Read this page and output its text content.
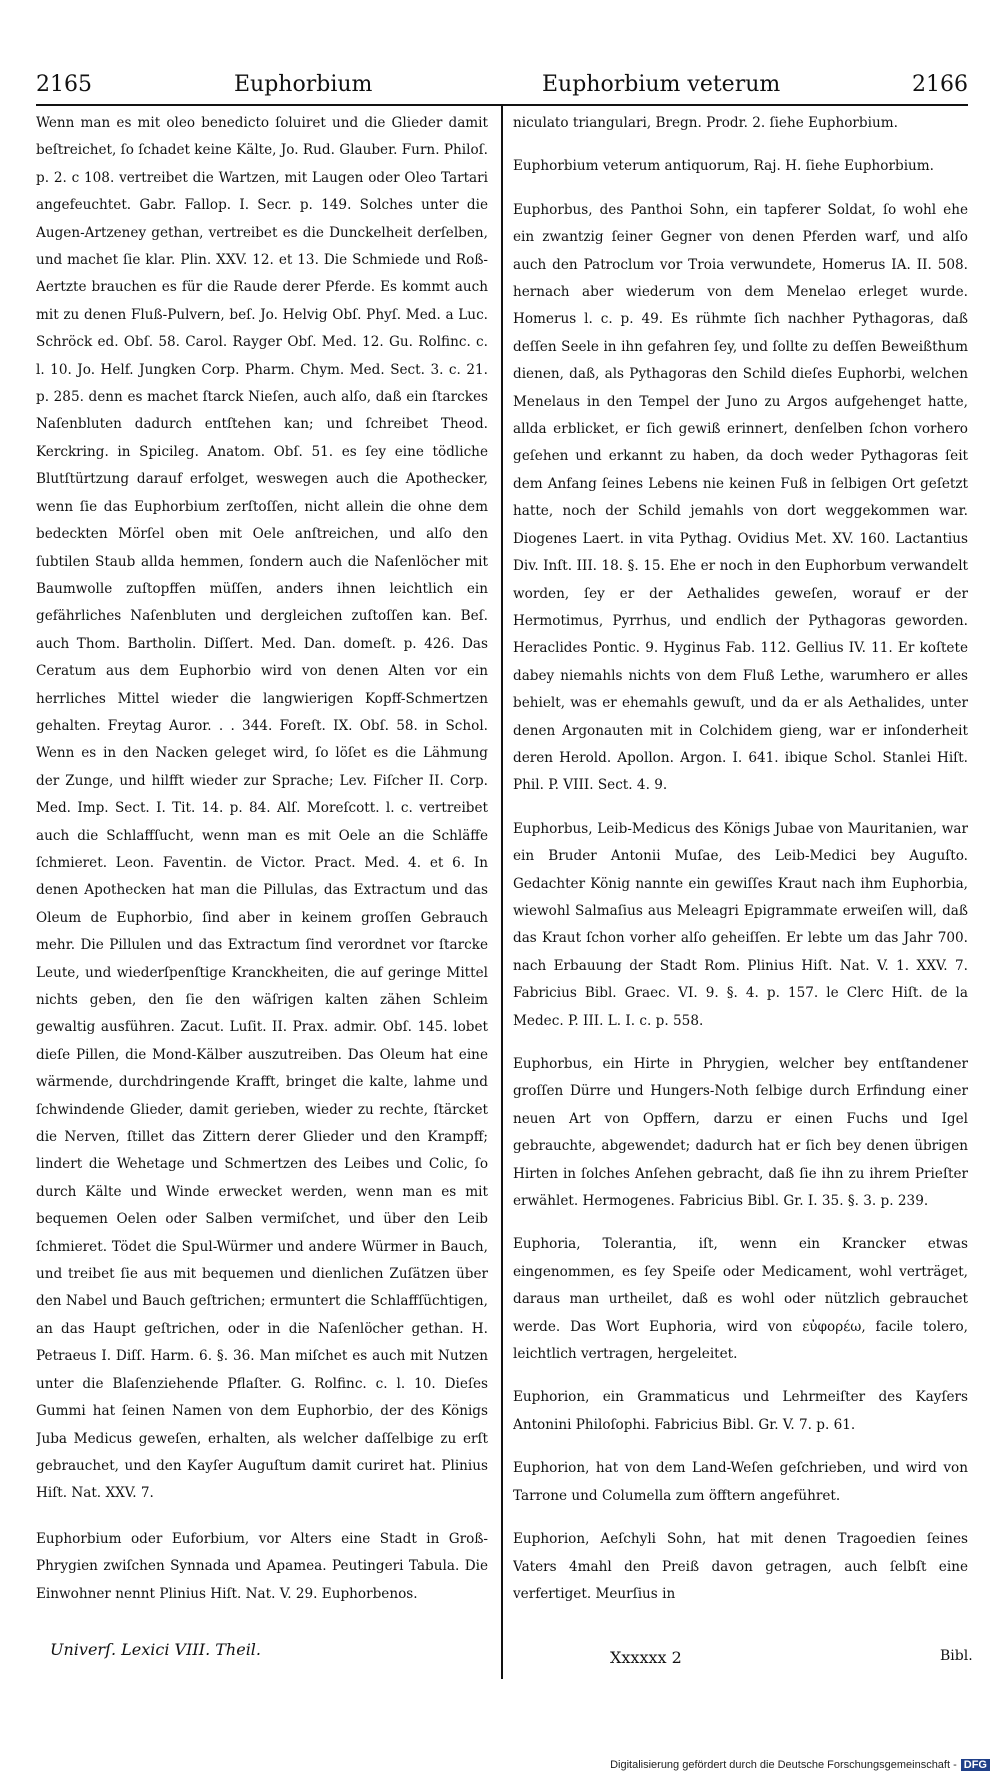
2165	Euphorbium	Euphorbium veterum	2166

Wenn man es mit oleo benedicto ſoluiret und die Glieder damit beſtreichet, ſo ſchadet keine Kälte, Jo. Rud. Glauber. Furn. Philoſ. p. 2. c 108. vertreibet die Wartzen, mit Laugen oder Oleo Tartari angefeuchtet. Gabr. Fallop. I. Secr. p. 149. Solches unter die Augen-Artzeney gethan, vertreibet es die Dunckelheit derſelben, und machet ſie klar. Plin. XXV. 12. et 13. Die Schmiede und Roß-Aertzte brauchen es für die Raude derer Pferde. Es kommt auch mit zu denen Fluß-Pulvern, beſ. Jo. Helvig Obſ. Phyſ. Med. a Luc. Schröck ed. Obſ. 58. Carol. Rayger Obſ. Med. 12. Gu. Rolfinc. c. l. 10. Jo. Helf. Jungken Corp. Pharm. Chym. Med. Sect. 3. c. 21. p. 285. denn es machet ſtarck Nieſen, auch alſo, daß ein ſtarckes Naſenbluten dadurch entſtehen kan; und ſchreibet Theod. Kerckring. in Spicileg. Anatom. Obſ. 51. es ſey eine tödliche Blutſtürtzung darauf erfolget, weswegen auch die Apothecker, wenn ſie das Euphorbium zerſtoſſen, nicht allein die ohne dem bedeckten Mörſel oben mit Oele anſtreichen, und alſo den ſubtilen Staub allda hemmen, ſondern auch die Naſenlöcher mit Baumwolle zuſtopffen müſſen, anders ihnen leichtlich ein gefährliches Naſenbluten und dergleichen zuſtoſſen kan. Beſ. auch Thom. Bartholin. Diſſert. Med. Dan. domeſt. p. 426. Das Ceratum aus dem Euphorbio wird von denen Alten vor ein herrliches Mittel wieder die langwierigen Kopff-Schmertzen gehalten. Freytag Auror. . . 344. Foreſt. IX. Obſ. 58. in Schol. Wenn es in den Nacken geleget wird, ſo löſet es die Lähmung der Zunge, und hilfft wieder zur Sprache; Lev. Fiſcher II. Corp. Med. Imp. Sect. I. Tit. 14. p. 84. Alſ. Moreſcott. l. c. vertreibet auch die Schlaffſucht, wenn man es mit Oele an die Schläffe ſchmieret. Leon. Faventin. de Victor. Pract. Med. 4. et 6. In denen Apothecken hat man die Pillulas, das Extractum und das Oleum de Euphorbio, ſind aber in keinem groſſen Gebrauch mehr. Die Pillulen und das Extractum ſind verordnet vor ſtarcke Leute, und wiederſpenſtige Kranckheiten, die auf geringe Mittel nichts geben, den ſie den wäſrigen kalten zähen Schleim gewaltig ausführen. Zacut. Luſit. II. Prax. admir. Obſ. 145. lobet dieſe Pillen, die Mond-Kälber auszutreiben. Das Oleum hat eine wärmende, durchdringende Krafft, bringet die kalte, lahme und ſchwindende Glieder, damit gerieben, wieder zu rechte, ſtärcket die Nerven, ſtillet das Zittern derer Glieder und den Krampff; lindert die Wehetage und Schmertzen des Leibes und Colic, ſo durch Kälte und Winde erwecket werden, wenn man es mit bequemen Oelen oder Salben vermiſchet, und über den Leib ſchmieret. Tödet die Spul-Würmer und andere Würmer in Bauch, und treibet ſie aus mit bequemen und dienlichen Zuſätzen über den Nabel und Bauch geſtrichen; ermuntert die Schlaffſüchtigen, an das Haupt geſtrichen, oder in die Naſenlöcher gethan. H. Petraeus I. Diſſ. Harm. 6. §. 36. Man miſchet es auch mit Nutzen unter die Blaſenziehende Pflaſter. G. Rolfinc. c. l. 10. Dieſes Gummi hat ſeinen Namen von dem Euphorbio, der des Königs Juba Medicus geweſen, erhalten, als welcher daſſelbige zu erſt gebrauchet, und den Kayſer Auguſtum damit curiret hat. Plinius Hiſt. Nat. XXV. 7.

Euphorbium oder Euforbium, vor Alters eine Stadt in Groß-Phrygien zwiſchen Synnada und Apamea. Peutingeri Tabula. Die Einwohner nennt Plinius Hiſt. Nat. V. 29. Euphorbenos.

niculato triangulari, Bregn. Prodr. 2. ſiehe Euphorbium.

Euphorbium veterum antiquorum, Raj. H. ſiehe Euphorbium.

Euphorbus, des Panthoi Sohn, ein tapferer Soldat, ſo wohl ehe ein zwantzig ſeiner Gegner von denen Pferden warf, und alſo auch den Patroclum vor Troia verwundete, Homerus IA. II. 508. hernach aber wiederum von dem Menelao erleget wurde. Homerus l. c. p. 49. Es rühmte ſich nachher Pythagoras, daß deſſen Seele in ihn gefahren ſey, und ſollte zu deſſen Beweißthum dienen, daß, als Pythagoras den Schild dieſes Euphorbi, welchen Menelaus in den Tempel der Juno zu Argos aufgehenget hatte, allda erblicket, er ſich gewiß erinnert, denſelben ſchon vorhero geſehen und erkannt zu haben, da doch weder Pythagoras ſeit dem Anfang ſeines Lebens nie keinen Fuß in ſelbigen Ort geſetzt hatte, noch der Schild jemahls von dort weggekommen war. Diogenes Laert. in vita Pythag. Ovidius Met. XV. 160. Lactantius Div. Inſt. III. 18. §. 15. Ehe er noch in den Euphorbum verwandelt worden, ſey er der Aethalides geweſen, worauf er der Hermotimus, Pyrrhus, und endlich der Pythagoras geworden. Heraclides Pontic. 9. Hyginus Fab. 112. Gellius IV. 11. Er koſtete dabey niemahls nichts von dem Fluß Lethe, warumhero er alles behielt, was er ehemahls gewuſt, und da er als Aethalides, unter denen Argonauten mit in Colchidem gieng, war er inſonderheit deren Herold. Apollon. Argon. I. 641. ibique Schol. Stanlei Hiſt. Phil. P. VIII. Sect. 4. 9.

Euphorbus, Leib-Medicus des Königs Jubae von Mauritanien, war ein Bruder Antonii Muſae, des Leib-Medici bey Auguſto. Gedachter König nannte ein gewiſſes Kraut nach ihm Euphorbia, wiewohl Salmaſius aus Meleagri Epigrammate erweiſen will, daß das Kraut ſchon vorher alſo geheiſſen. Er lebte um das Jahr 700. nach Erbauung der Stadt Rom. Plinius Hiſt. Nat. V. 1. XXV. 7. Fabricius Bibl. Graec. VI. 9. §. 4. p. 157. le Clerc Hiſt. de la Medec. P. III. L. I. c. p. 558.

Euphorbus, ein Hirte in Phrygien, welcher bey entſtandener groſſen Dürre und Hungers-Noth ſelbige durch Erfindung einer neuen Art von Opffern, darzu er einen Fuchs und Igel gebrauchte, abgewendet; dadurch hat er ſich bey denen übrigen Hirten in ſolches Anſehen gebracht, daß ſie ihn zu ihrem Prieſter erwählet. Hermogenes. Fabricius Bibl. Gr. I. 35. §. 3. p. 239.

Euphoria, Tolerantia, iſt, wenn ein Krancker etwas eingenommen, es ſey Speiſe oder Medicament, wohl verträget, daraus man urtheilet, daß es wohl oder nützlich gebrauchet werde. Das Wort Euphoria, wird von εὐφορέω, facile tolero, leichtlich vertragen, hergeleitet.

Euphorion, ein Grammaticus und Lehrmeiſter des Kayſers Antonini Philoſophi. Fabricius Bibl. Gr. V. 7. p. 61.

Euphorion, hat von dem Land-Weſen geſchrieben, und wird von Tarrone und Columella zum öfftern angeführet.

Euphorion, Aeſchyli Sohn, hat mit denen Tragoedien ſeines Vaters 4mahl den Preiß davon getragen, auch ſelbſt eine verfertiget. Meurſius in

Univerſ. Lexici VIII. Theil.	Xxxxxx 2	Bibl.
Digitalisierung gefördert durch die Deutsche Forschungsgemeinschaft - DFG
